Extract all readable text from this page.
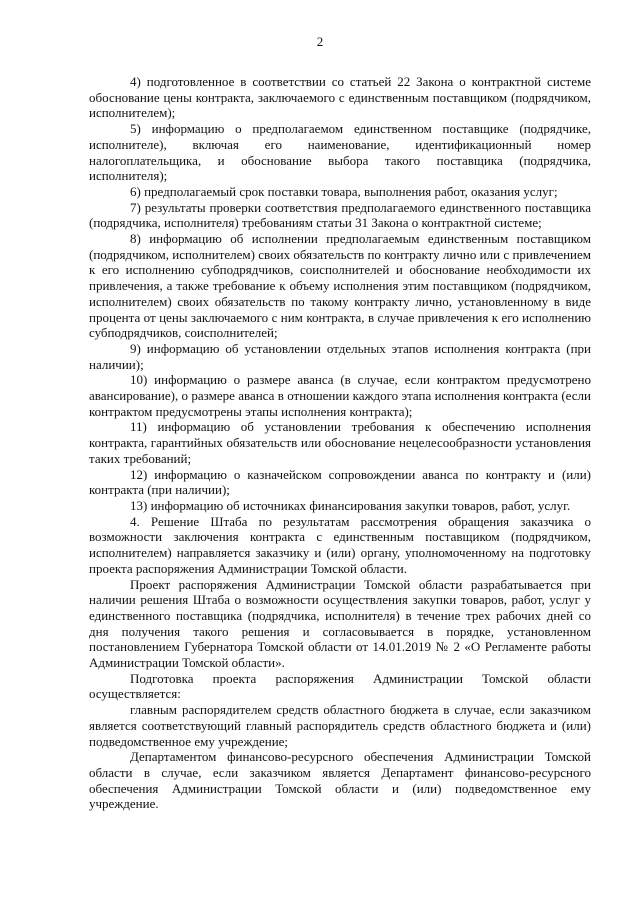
2

4) подготовленное в соответствии со статьей 22 Закона о контрактной системе обоснование цены контракта, заключаемого с единственным поставщиком (подрядчиком, исполнителем);

5) информацию о предполагаемом единственном поставщике (подрядчике, исполнителе), включая его наименование, идентификационный номер налогоплательщика, и обоснование выбора такого поставщика (подрядчика, исполнителя);

6) предполагаемый срок поставки товара, выполнения работ, оказания услуг;

7) результаты проверки соответствия предполагаемого единственного поставщика (подрядчика, исполнителя) требованиям статьи 31 Закона о контрактной системе;

8) информацию об исполнении предполагаемым единственным поставщиком (подрядчиком, исполнителем) своих обязательств по контракту лично или с привлечением к его исполнению субподрядчиков, соисполнителей и обоснование необходимости их привлечения, а также требование к объему исполнения этим поставщиком (подрядчиком, исполнителем) своих обязательств по такому контракту лично, установленному в виде процента от цены заключаемого с ним контракта, в случае привлечения к его исполнению субподрядчиков, соисполнителей;

9) информацию об установлении отдельных этапов исполнения контракта (при наличии);

10) информацию о размере аванса (в случае, если контрактом предусмотрено авансирование), о размере аванса в отношении каждого этапа исполнения контракта (если контрактом предусмотрены этапы исполнения контракта);

11) информацию об установлении требования к обеспечению исполнения контракта, гарантийных обязательств или обоснование нецелесообразности установления таких требований;

12) информацию о казначейском сопровождении аванса по контракту и (или) контракта (при наличии);

13) информацию об источниках финансирования закупки товаров, работ, услуг.

4. Решение Штаба по результатам рассмотрения обращения заказчика о возможности заключения контракта с единственным поставщиком (подрядчиком, исполнителем) направляется заказчику и (или) органу, уполномоченному на подготовку проекта распоряжения Администрации Томской области.

Проект распоряжения Администрации Томской области разрабатывается при наличии решения Штаба о возможности осуществления закупки товаров, работ, услуг у единственного поставщика (подрядчика, исполнителя) в течение трех рабочих дней со дня получения такого решения и согласовывается в порядке, установленном постановлением Губернатора Томской области от 14.01.2019 № 2 «О Регламенте работы Администрации Томской области».

Подготовка проекта распоряжения Администрации Томской области осуществляется:

главным распорядителем средств областного бюджета в случае, если заказчиком является соответствующий главный распорядитель средств областного бюджета и (или) подведомственное ему учреждение;

Департаментом финансово-ресурсного обеспечения Администрации Томской области в случае, если заказчиком является Департамент финансово-ресурсного обеспечения Администрации Томской области и (или) подведомственное ему учреждение.
